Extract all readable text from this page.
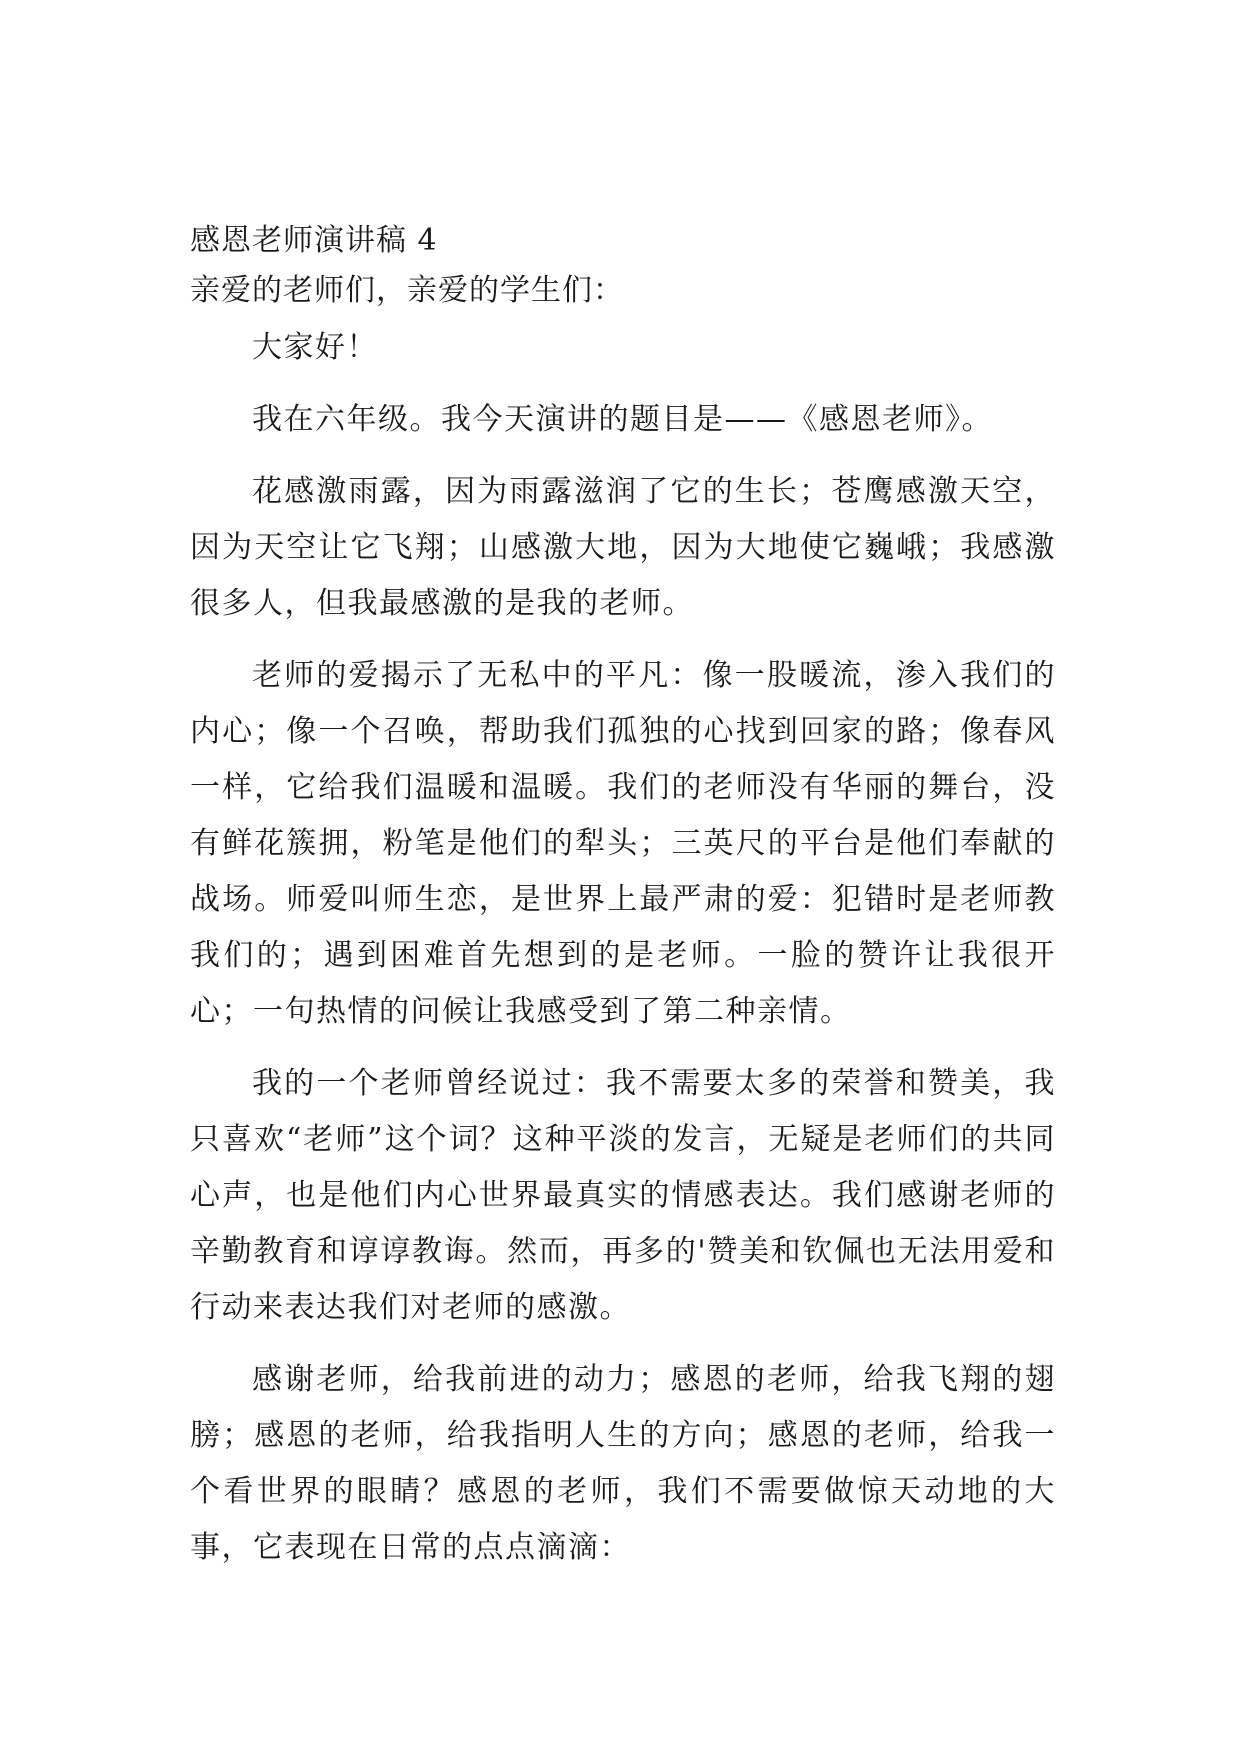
感恩老师演讲稿 4

亲爱的老师们，亲爱的学生们：

大家好！

我在六年级。我今天演讲的题目是——《感恩老师》。

花感激雨露，因为雨露滋润了它的生长；苍鹰感激天空，因为天空让它飞翔；山感激大地，因为大地使它巍峨；我感激很多人，但我最感激的是我的老师。

老师的爱揭示了无私中的平凡：像一股暖流，渗入我们的内心；像一个召唤，帮助我们孤独的心找到回家的路；像春风一样，它给我们温暖和温暖。我们的老师没有华丽的舞台，没有鲜花簇拥，粉笔是他们的犁头；三英尺的平台是他们奉献的战场。师爱叫师生恋，是世界上最严肃的爱：犯错时是老师教我们的；遇到困难首先想到的是老师。一脸的赞许让我很开心；一句热情的问候让我感受到了第二种亲情。

我的一个老师曾经说过：我不需要太多的荣誉和赞美，我只喜欢“老师”这个词？这种平淡的发言，无疑是老师们的共同心声，也是他们内心世界最真实的情感表达。我们感谢老师的辛勤教育和谆谆教诲。然而，再多的'赞美和钦佩也无法用爱和行动来表达我们对老师的感激。

感谢老师，给我前进的动力；感恩的老师，给我飞翔的翅膀；感恩的老师，给我指明人生的方向；感恩的老师，给我一个看世界的眼睛？感恩的老师，我们不需要做惊天动地的大事，它表现在日常的点点滴滴：
